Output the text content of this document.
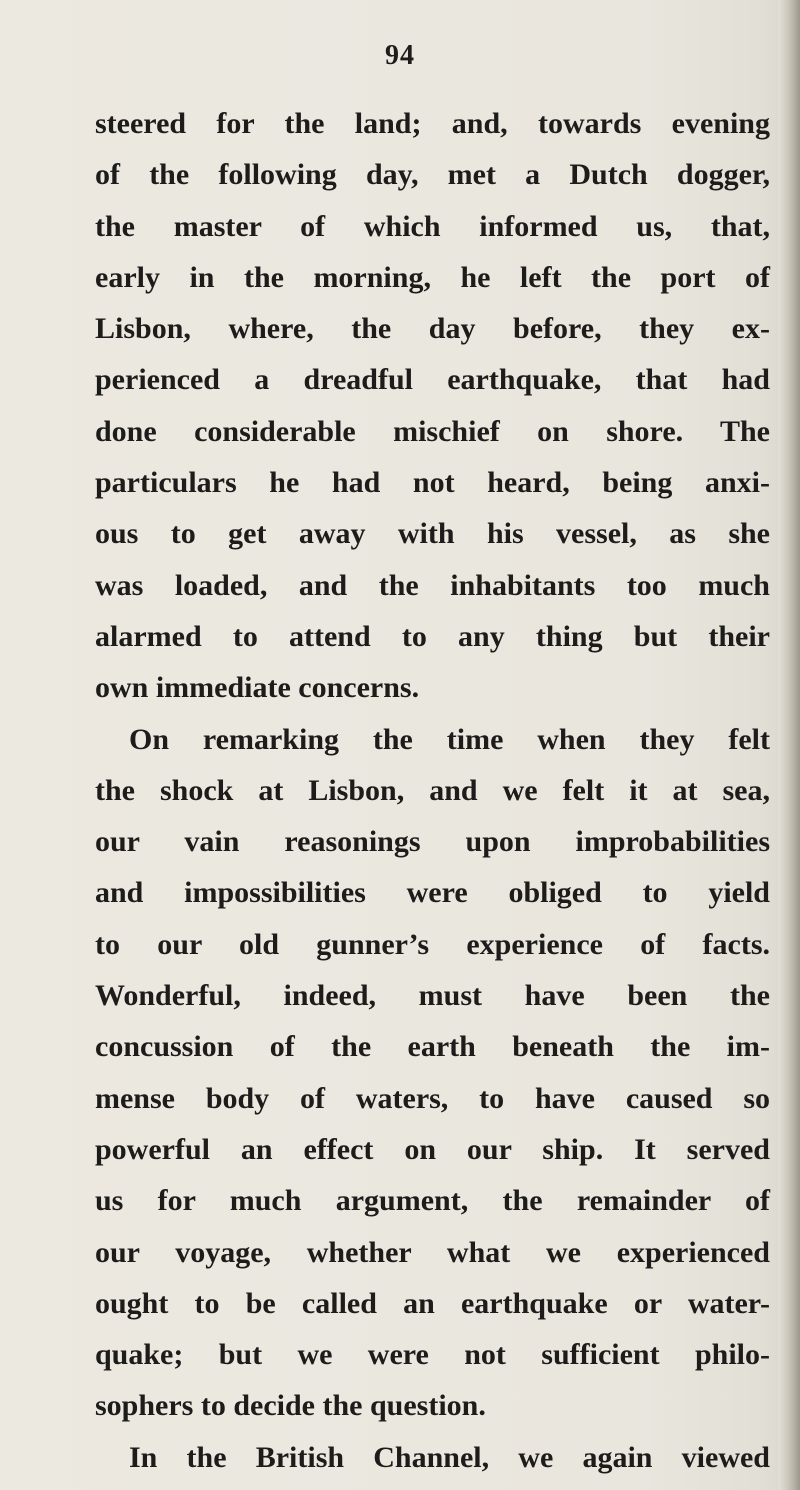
94
steered for the land; and, towards evening
of the following day, met a Dutch dogger,
the master of which informed us, that,
early in the morning, he left the port of
Lisbon, where, the day before, they ex-
perienced a dreadful earthquake, that had
done considerable mischief on shore. The
particulars he had not heard, being anxi-
ous to get away with his vessel, as she
was loaded, and the inhabitants too much
alarmed to attend to any thing but their
own immediate concerns.
On remarking the time when they felt
the shock at Lisbon, and we felt it at sea,
our vain reasonings upon improbabilities
and impossibilities were obliged to yield
to our old gunner’s experience of facts.
Wonderful, indeed, must have been the
concussion of the earth beneath the im-
mense body of waters, to have caused so
powerful an effect on our ship. It served
us for much argument, the remainder of
our voyage, whether what we experienced
ought to be called an earthquake or water-
quake; but we were not sufficient philo-
sophers to decide the question.
In the British Channel, we again viewed
